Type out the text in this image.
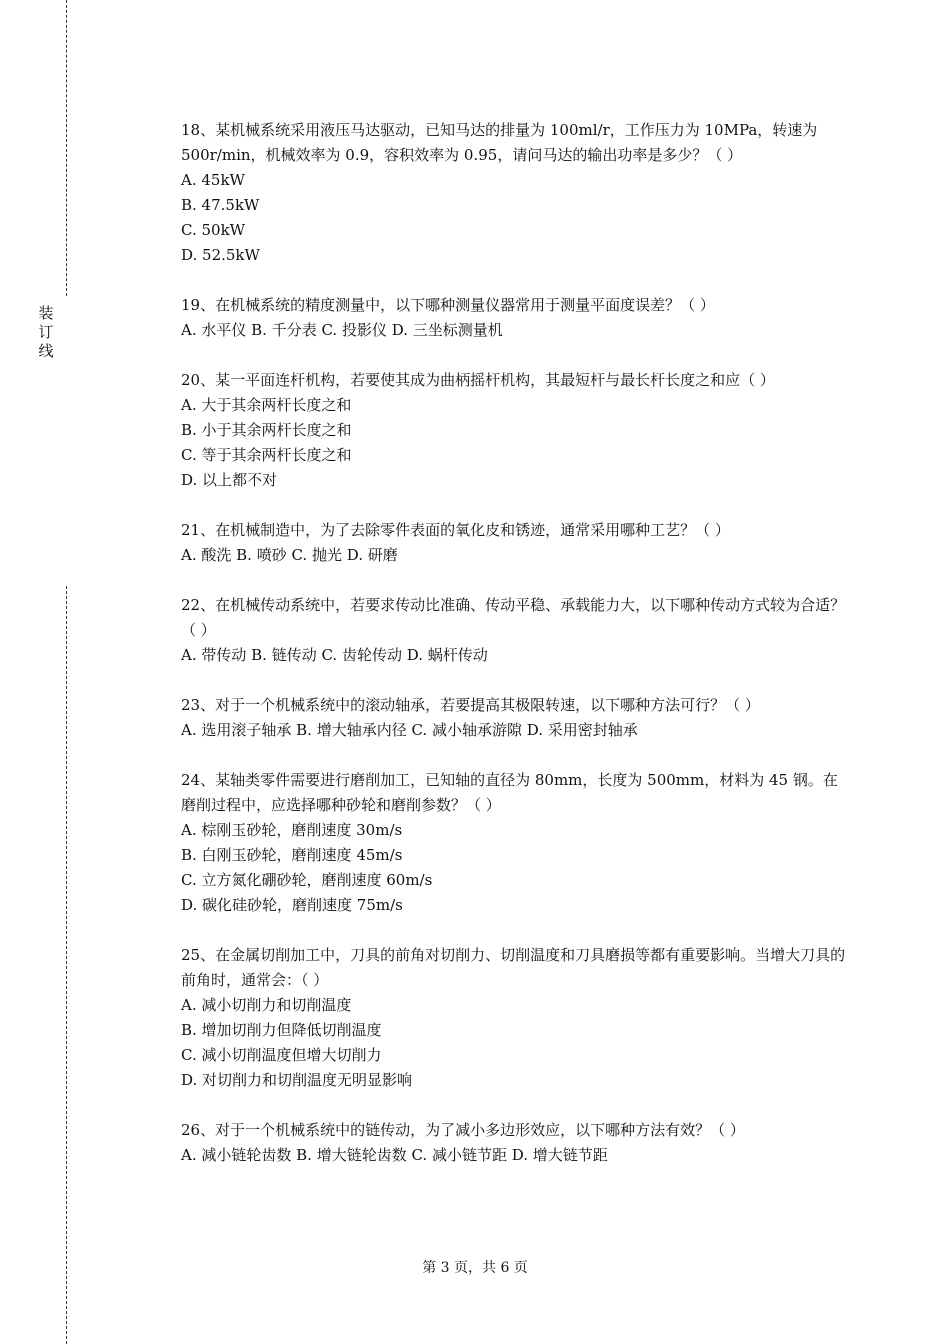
装
订
线

18、某机械系统采用液压马达驱动，已知马达的排量为 100ml/r，工作压力为 10MPa，转速为 500r/min，机械效率为 0.9，容积效率为 0.95，请问马达的输出功率是多少？（ ）

A. 45kW

B. 47.5kW

C. 50kW

D. 52.5kW

19、在机械系统的精度测量中，以下哪种测量仪器常用于测量平面度误差？（ ）

A. 水平仪 B. 千分表 C. 投影仪 D. 三坐标测量机

20、某一平面连杆机构，若要使其成为曲柄摇杆机构，其最短杆与最长杆长度之和应（ ）

A. 大于其余两杆长度之和

B. 小于其余两杆长度之和

C. 等于其余两杆长度之和

D. 以上都不对

21、在机械制造中，为了去除零件表面的氧化皮和锈迹，通常采用哪种工艺？（ ）

A. 酸洗 B. 喷砂 C. 抛光 D. 研磨

22、在机械传动系统中，若要求传动比准确、传动平稳、承载能力大，以下哪种传动方式较为合适？（ ）

A. 带传动 B. 链传动 C. 齿轮传动 D. 蜗杆传动

23、对于一个机械系统中的滚动轴承，若要提高其极限转速，以下哪种方法可行？（ ）

A. 选用滚子轴承 B. 增大轴承内径 C. 减小轴承游隙 D. 采用密封轴承

24、某轴类零件需要进行磨削加工，已知轴的直径为 80mm，长度为 500mm，材料为 45 钢。在磨削过程中，应选择哪种砂轮和磨削参数？（ ）

A. 棕刚玉砂轮，磨削速度 30m/s

B. 白刚玉砂轮，磨削速度 45m/s

C. 立方氮化硼砂轮，磨削速度 60m/s

D. 碳化硅砂轮，磨削速度 75m/s

25、在金属切削加工中，刀具的前角对切削力、切削温度和刀具磨损等都有重要影响。当增大刀具的前角时，通常会：（ ）

A. 减小切削力和切削温度

B. 增加切削力但降低切削温度

C. 减小切削温度但增大切削力

D. 对切削力和切削温度无明显影响

26、对于一个机械系统中的链传动，为了减小多边形效应，以下哪种方法有效？（ ）

A. 减小链轮齿数 B. 增大链轮齿数 C. 减小链节距 D. 增大链节距

第 3 页，共 6 页
